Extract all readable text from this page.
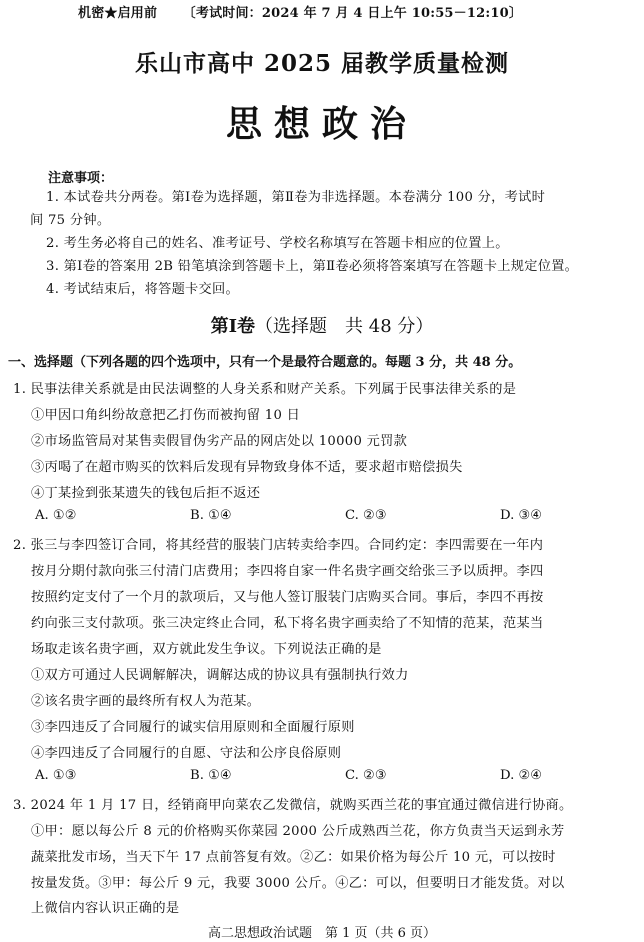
机密★启用前 〔考试时间：2024 年 7 月 4 日上午 10:55－12:10〕
乐山市高中 2025 届教学质量检测
思想政治
注意事项：
1. 本试卷共分两卷。第Ⅰ卷为选择题，第Ⅱ卷为非选择题。本卷满分 100 分，考试时
间 75 分钟。
2. 考生务必将自己的姓名、准考证号、学校名称填写在答题卡相应的位置上。
3. 第Ⅰ卷的答案用 2B 铅笔填涂到答题卡上，第Ⅱ卷必须将答案填写在答题卡上规定位置。
4. 考试结束后，将答题卡交回。
第Ⅰ卷（选择题　共 48 分）
一、选择题（下列各题的四个选项中，只有一个是最符合题意的。每题 3 分，共 48 分。
1. 民事法律关系就是由民法调整的人身关系和财产关系。下列属于民事法律关系的是
①甲因口角纠纷故意把乙打伤而被拘留 10 日
②市场监管局对某售卖假冒伪劣产品的网店处以 10000 元罚款
③丙喝了在超市购买的饮料后发现有异物致身体不适，要求超市赔偿损失
④丁某捡到张某遗失的钱包后拒不返还
A. ①②	B. ①④	C. ②③	D. ③④
2. 张三与李四签订合同，将其经营的服装门店转卖给李四。合同约定：李四需要在一年内
按月分期付款向张三付清门店费用；李四将自家一件名贵字画交给张三予以质押。李四
按照约定支付了一个月的款项后，又与他人签订服装门店购买合同。事后，李四不再按
约向张三支付款项。张三决定终止合同，私下将名贵字画卖给了不知情的范某，范某当
场取走该名贵字画，双方就此发生争议。下列说法正确的是
①双方可通过人民调解解决，调解达成的协议具有强制执行效力
②该名贵字画的最终所有权人为范某。
③李四违反了合同履行的诚实信用原则和全面履行原则
④李四违反了合同履行的自愿、守法和公序良俗原则
A. ①③	B. ①④	C. ②③	D. ②④
3. 2024 年 1 月 17 日，经销商甲向菜农乙发微信，就购买西兰花的事宜通过微信进行协商。
①甲：愿以每公斤 8 元的价格购买你菜园 2000 公斤成熟西兰花，你方负责当天运到永芳
蔬菜批发市场，当天下午 17 点前答复有效。②乙：如果价格为每公斤 10 元，可以按时
按量发货。③甲：每公斤 9 元，我要 3000 公斤。④乙：可以，但要明日才能发货。对以
上微信内容认识正确的是
高二思想政治试题　第 1 页（共 6 页）
